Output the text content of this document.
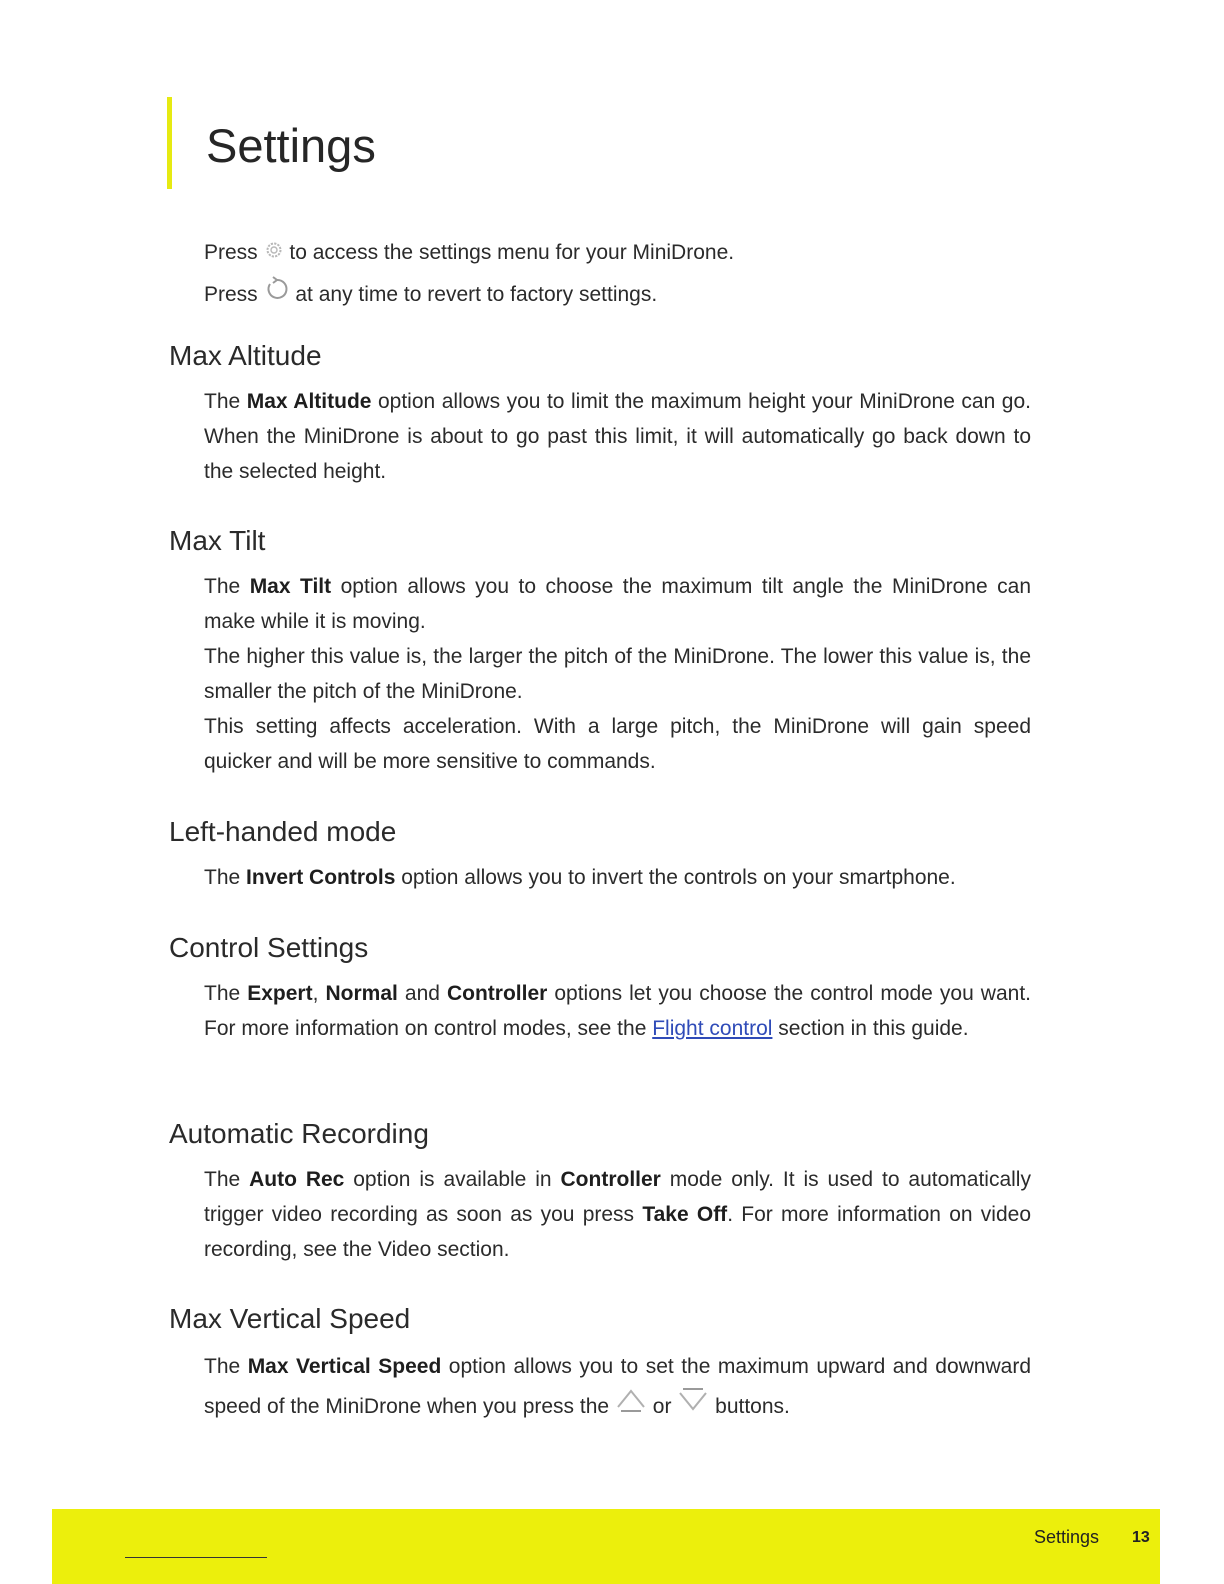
Settings

Press to access the settings menu for your MiniDrone.

Press at any time to revert to factory settings.

Max Altitude

The Max Altitude option allows you to limit the maximum height your MiniDrone can go. When the MiniDrone is about to go past this limit, it will automatically go back down to the selected height.

Max Tilt

The Max Tilt option allows you to choose the maximum tilt angle the MiniDrone can make while it is moving.

The higher this value is, the larger the pitch of the MiniDrone. The lower this value is, the smaller the pitch of the MiniDrone.

This setting affects acceleration. With a large pitch, the MiniDrone will gain speed quicker and will be more sensitive to commands.

Left-handed mode

The Invert Controls option allows you to invert the controls on your smartphone.

Control Settings

The Expert, Normal and Controller options let you choose the control mode you want. For more information on control modes, see the Flight control section in this guide.

Automatic Recording

The Auto Rec option is available in Controller mode only. It is used to automatically trigger video recording as soon as you press Take Off. For more information on video recording, see the Video section.

Max Vertical Speed

The Max Vertical Speed option allows you to set the maximum upward and downward speed of the MiniDrone when you press the or buttons.

Settings 13
